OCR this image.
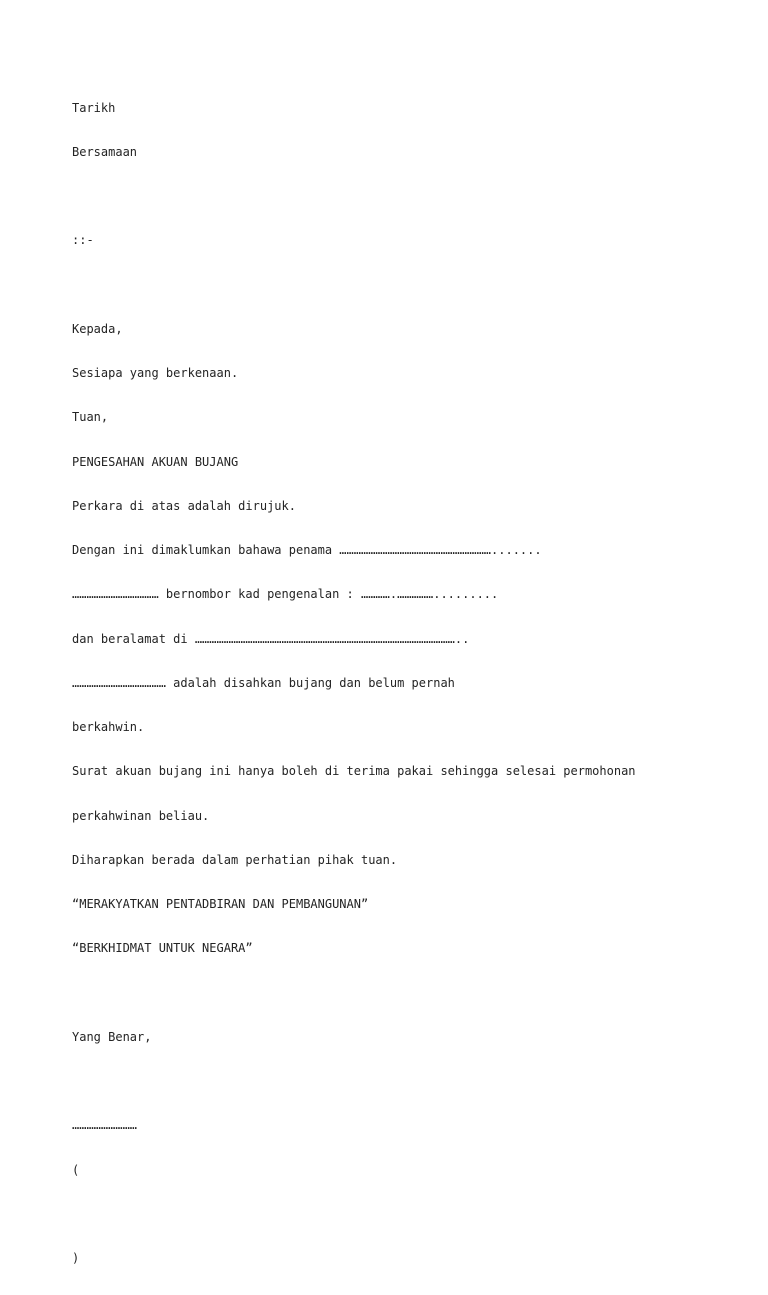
Tarikh

Bersamaan

::-

Kepada,

Sesiapa yang berkenaan.

Tuan,

PENGESAHAN AKUAN BUJANG

Perkara di atas adalah dirujuk.

Dengan ini dimaklumkan bahawa penama ……………………………………………………….......

……………………………… bernombor kad pengenalan : ………….…………….........

dan beralamat di ………………………………………………………………………………………………..

………………………………… adalah disahkan bujang dan belum pernah

berkahwin.

Surat akuan bujang ini hanya boleh di terima pakai sehingga selesai permohonan

perkahwinan beliau.

Diharapkan berada dalam perhatian pihak tuan.

“MERAKYATKAN PENTADBIRAN DAN PEMBANGUNAN”

“BERKHIDMAT UNTUK NEGARA”

Yang Benar,

………………………

(

)
